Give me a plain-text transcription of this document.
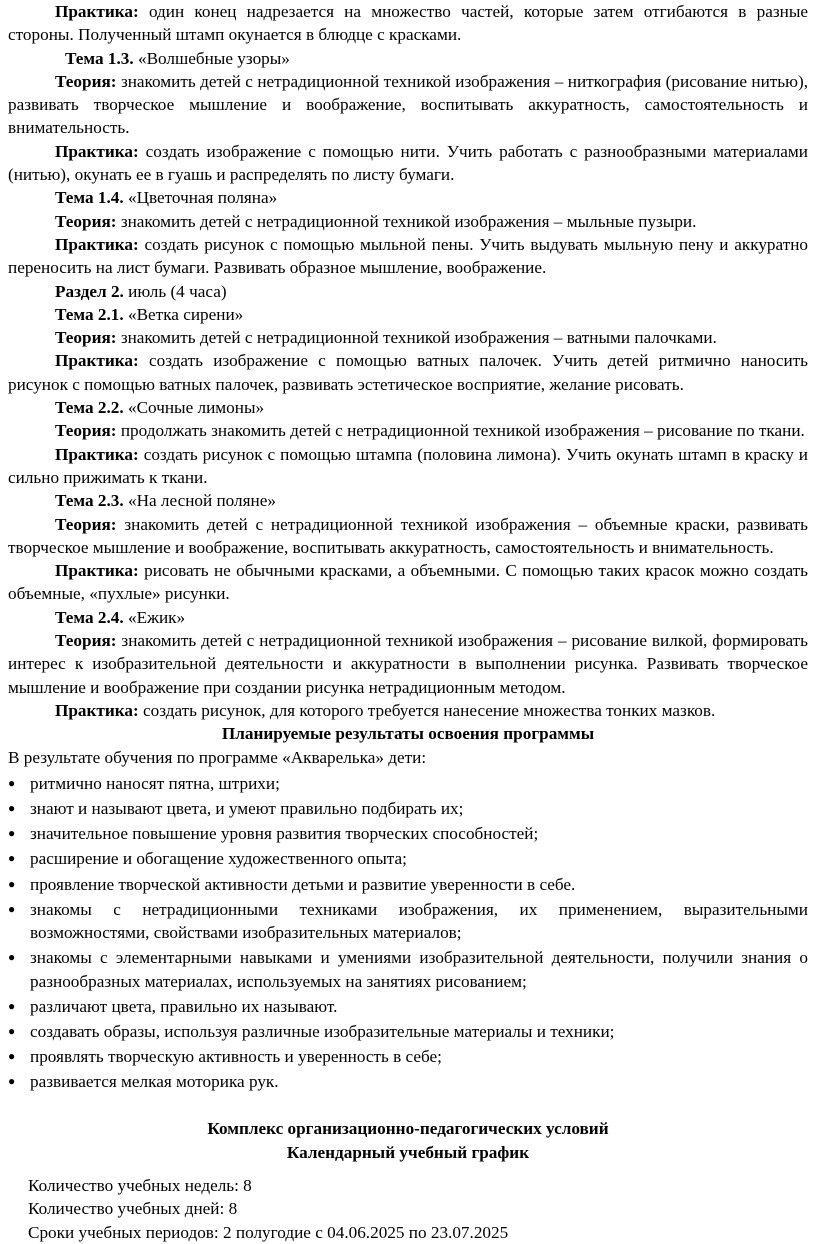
Практика: один конец надрезается на множество частей, которые затем отгибаются в разные стороны. Полученный штамп окунается в блюдце с красками.

Тема 1.3. «Волшебные узоры»

Теория: знакомить детей с нетрадиционной техникой изображения – ниткография (рисование нитью), развивать творческое мышление и воображение, воспитывать аккуратность, самостоятельность и внимательность.

Практика: создать изображение с помощью нити. Учить работать с разнообразными материалами (нитью), окунать ее в гуашь и распределять по листу бумаги.

Тема 1.4. «Цветочная поляна»

Теория: знакомить детей с нетрадиционной техникой изображения – мыльные пузыри.

Практика: создать рисунок с помощью мыльной пены. Учить выдувать мыльную пену и аккуратно переносить на лист бумаги. Развивать образное мышление, воображение.

Раздел 2. июль (4 часа)

Тема 2.1. «Ветка сирени»

Теория: знакомить детей с нетрадиционной техникой изображения – ватными палочками.

Практика: создать изображение с помощью ватных палочек. Учить детей ритмично наносить рисунок с помощью ватных палочек, развивать эстетическое восприятие, желание рисовать.

Тема 2.2. «Сочные лимоны»

Теория: продолжать знакомить детей с нетрадиционной техникой изображения – рисование по ткани.

Практика: создать рисунок с помощью штампа (половина лимона). Учить окунать штамп в краску и сильно прижимать к ткани.

Тема 2.3. «На лесной поляне»

Теория: знакомить детей с нетрадиционной техникой изображения – объемные краски, развивать творческое мышление и воображение, воспитывать аккуратность, самостоятельность и внимательность.

Практика: рисовать не обычными красками, а объемными. С помощью таких красок можно создать объемные, «пухлые» рисунки.

Тема 2.4. «Ежик»

Теория: знакомить детей с нетрадиционной техникой изображения – рисование вилкой, формировать интерес к изобразительной деятельности и аккуратности в выполнении рисунка. Развивать творческое мышление и воображение при создании рисунка нетрадиционным методом.

Практика: создать рисунок, для которого требуется нанесение множества тонких мазков.

Планируемые результаты освоения программы

В результате обучения по программе «Акварелька» дети:

● ритмично наносят пятна, штрихи;
● знают и называют цвета, и умеют правильно подбирать их;
● значительное повышение уровня развития творческих способностей;
● расширение и обогащение художественного опыта;
● проявление творческой активности детьми и развитие уверенности в себе.
● знакомы с нетрадиционными техниками изображения, их применением, выразительными возможностями, свойствами изобразительных материалов;
● знакомы с элементарными навыками и умениями изобразительной деятельности, получили знания о разнообразных материалах, используемых на занятиях рисованием;
● различают цвета, правильно их называют.
● создавать образы, используя различные изобразительные материалы и техники;
● проявлять творческую активность и уверенность в себе;
● развивается мелкая моторика рук.

Комплекс организационно-педагогических условий

Календарный учебный график

Количество учебных недель: 8

Количество учебных дней: 8

Сроки учебных периодов: 2 полугодие с 04.06.2025 по 23.07.2025
